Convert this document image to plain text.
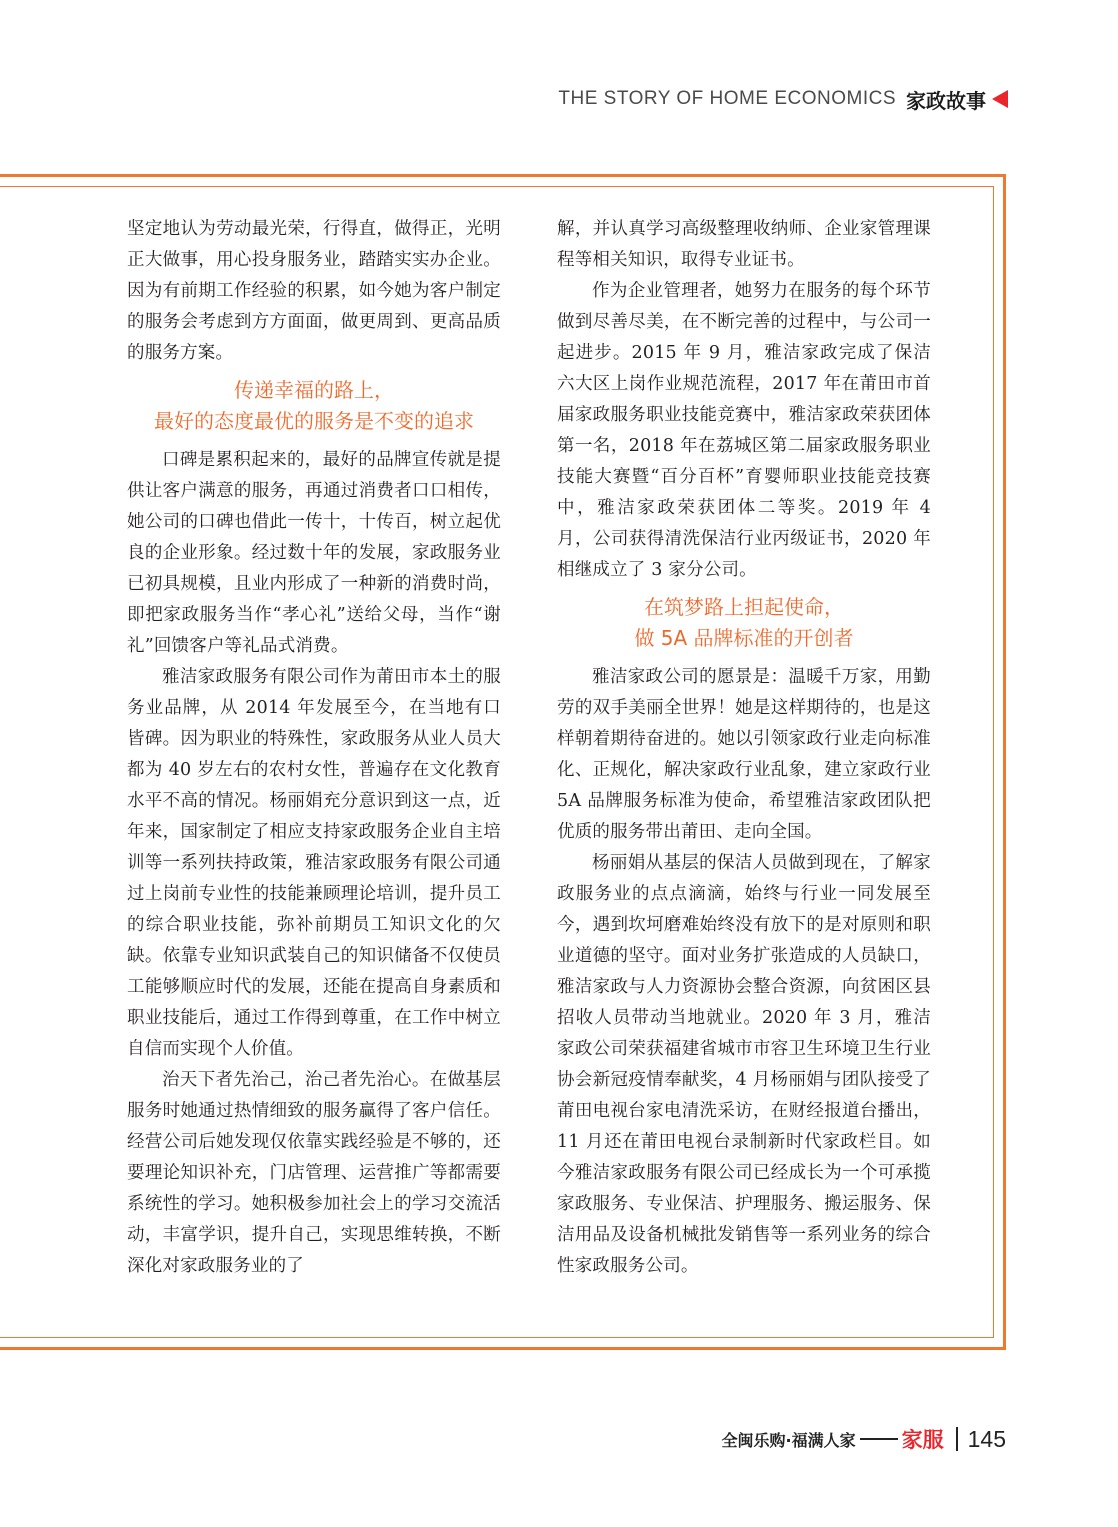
THE STORY OF HOME ECONOMICS 家政故事

坚定地认为劳动最光荣，行得直，做得正，光明正大做事，用心投身服务业，踏踏实实办企业。因为有前期工作经验的积累，如今她为客户制定的服务会考虑到方方面面，做更周到、更高品质的服务方案。

传递幸福的路上，
最好的态度最优的服务是不变的追求

口碑是累积起来的，最好的品牌宣传就是提供让客户满意的服务，再通过消费者口口相传，她公司的口碑也借此一传十，十传百，树立起优良的企业形象。经过数十年的发展，家政服务业已初具规模，且业内形成了一种新的消费时尚，即把家政服务当作“孝心礼”送给父母，当作“谢礼”回馈客户等礼品式消费。

雅洁家政服务有限公司作为莆田市本土的服务业品牌，从 2014 年发展至今，在当地有口皆碑。因为职业的特殊性，家政服务从业人员大都为 40 岁左右的农村女性，普遍存在文化教育水平不高的情况。杨丽娟充分意识到这一点，近年来，国家制定了相应支持家政服务企业自主培训等一系列扶持政策，雅洁家政服务有限公司通过上岗前专业性的技能兼顾理论培训，提升员工的综合职业技能，弥补前期员工知识文化的欠缺。依靠专业知识武装自己的知识储备不仅使员工能够顺应时代的发展，还能在提高自身素质和职业技能后，通过工作得到尊重，在工作中树立自信而实现个人价值。

治天下者先治己，治己者先治心。在做基层服务时她通过热情细致的服务赢得了客户信任。经营公司后她发现仅依靠实践经验是不够的，还要理论知识补充，门店管理、运营推广等都需要系统性的学习。她积极参加社会上的学习交流活动，丰富学识，提升自己，实现思维转换，不断深化对家政服务业的了

解，并认真学习高级整理收纳师、企业家管理课程等相关知识，取得专业证书。

作为企业管理者，她努力在服务的每个环节做到尽善尽美，在不断完善的过程中，与公司一起进步。2015 年 9 月，雅洁家政完成了保洁六大区上岗作业规范流程，2017 年在莆田市首届家政服务职业技能竞赛中，雅洁家政荣获团体第一名，2018 年在荔城区第二届家政服务职业技能大赛暨“百分百杯”育婴师职业技能竞技赛中，雅洁家政荣获团体二等奖。2019 年 4 月，公司获得清洗保洁行业丙级证书，2020 年相继成立了 3 家分公司。

在筑梦路上担起使命，
做 5A 品牌标准的开创者

雅洁家政公司的愿景是：温暖千万家，用勤劳的双手美丽全世界！她是这样期待的，也是这样朝着期待奋进的。她以引领家政行业走向标准化、正规化，解决家政行业乱象，建立家政行业 5A 品牌服务标准为使命，希望雅洁家政团队把优质的服务带出莆田、走向全国。

杨丽娟从基层的保洁人员做到现在，了解家政服务业的点点滴滴，始终与行业一同发展至今，遇到坎坷磨难始终没有放下的是对原则和职业道德的坚守。面对业务扩张造成的人员缺口，雅洁家政与人力资源协会整合资源，向贫困区县招收人员带动当地就业。2020 年 3 月，雅洁家政公司荣获福建省城市市容卫生环境卫生行业协会新冠疫情奉献奖，4 月杨丽娟与团队接受了莆田电视台家电清洗采访，在财经报道台播出，11 月还在莆田电视台录制新时代家政栏目。如今雅洁家政服务有限公司已经成长为一个可承揽家政服务、专业保洁、护理服务、搬运服务、保洁用品及设备机械批发销售等一系列业务的综合性家政服务公司。

全闽乐购·福满人家 家服 145
